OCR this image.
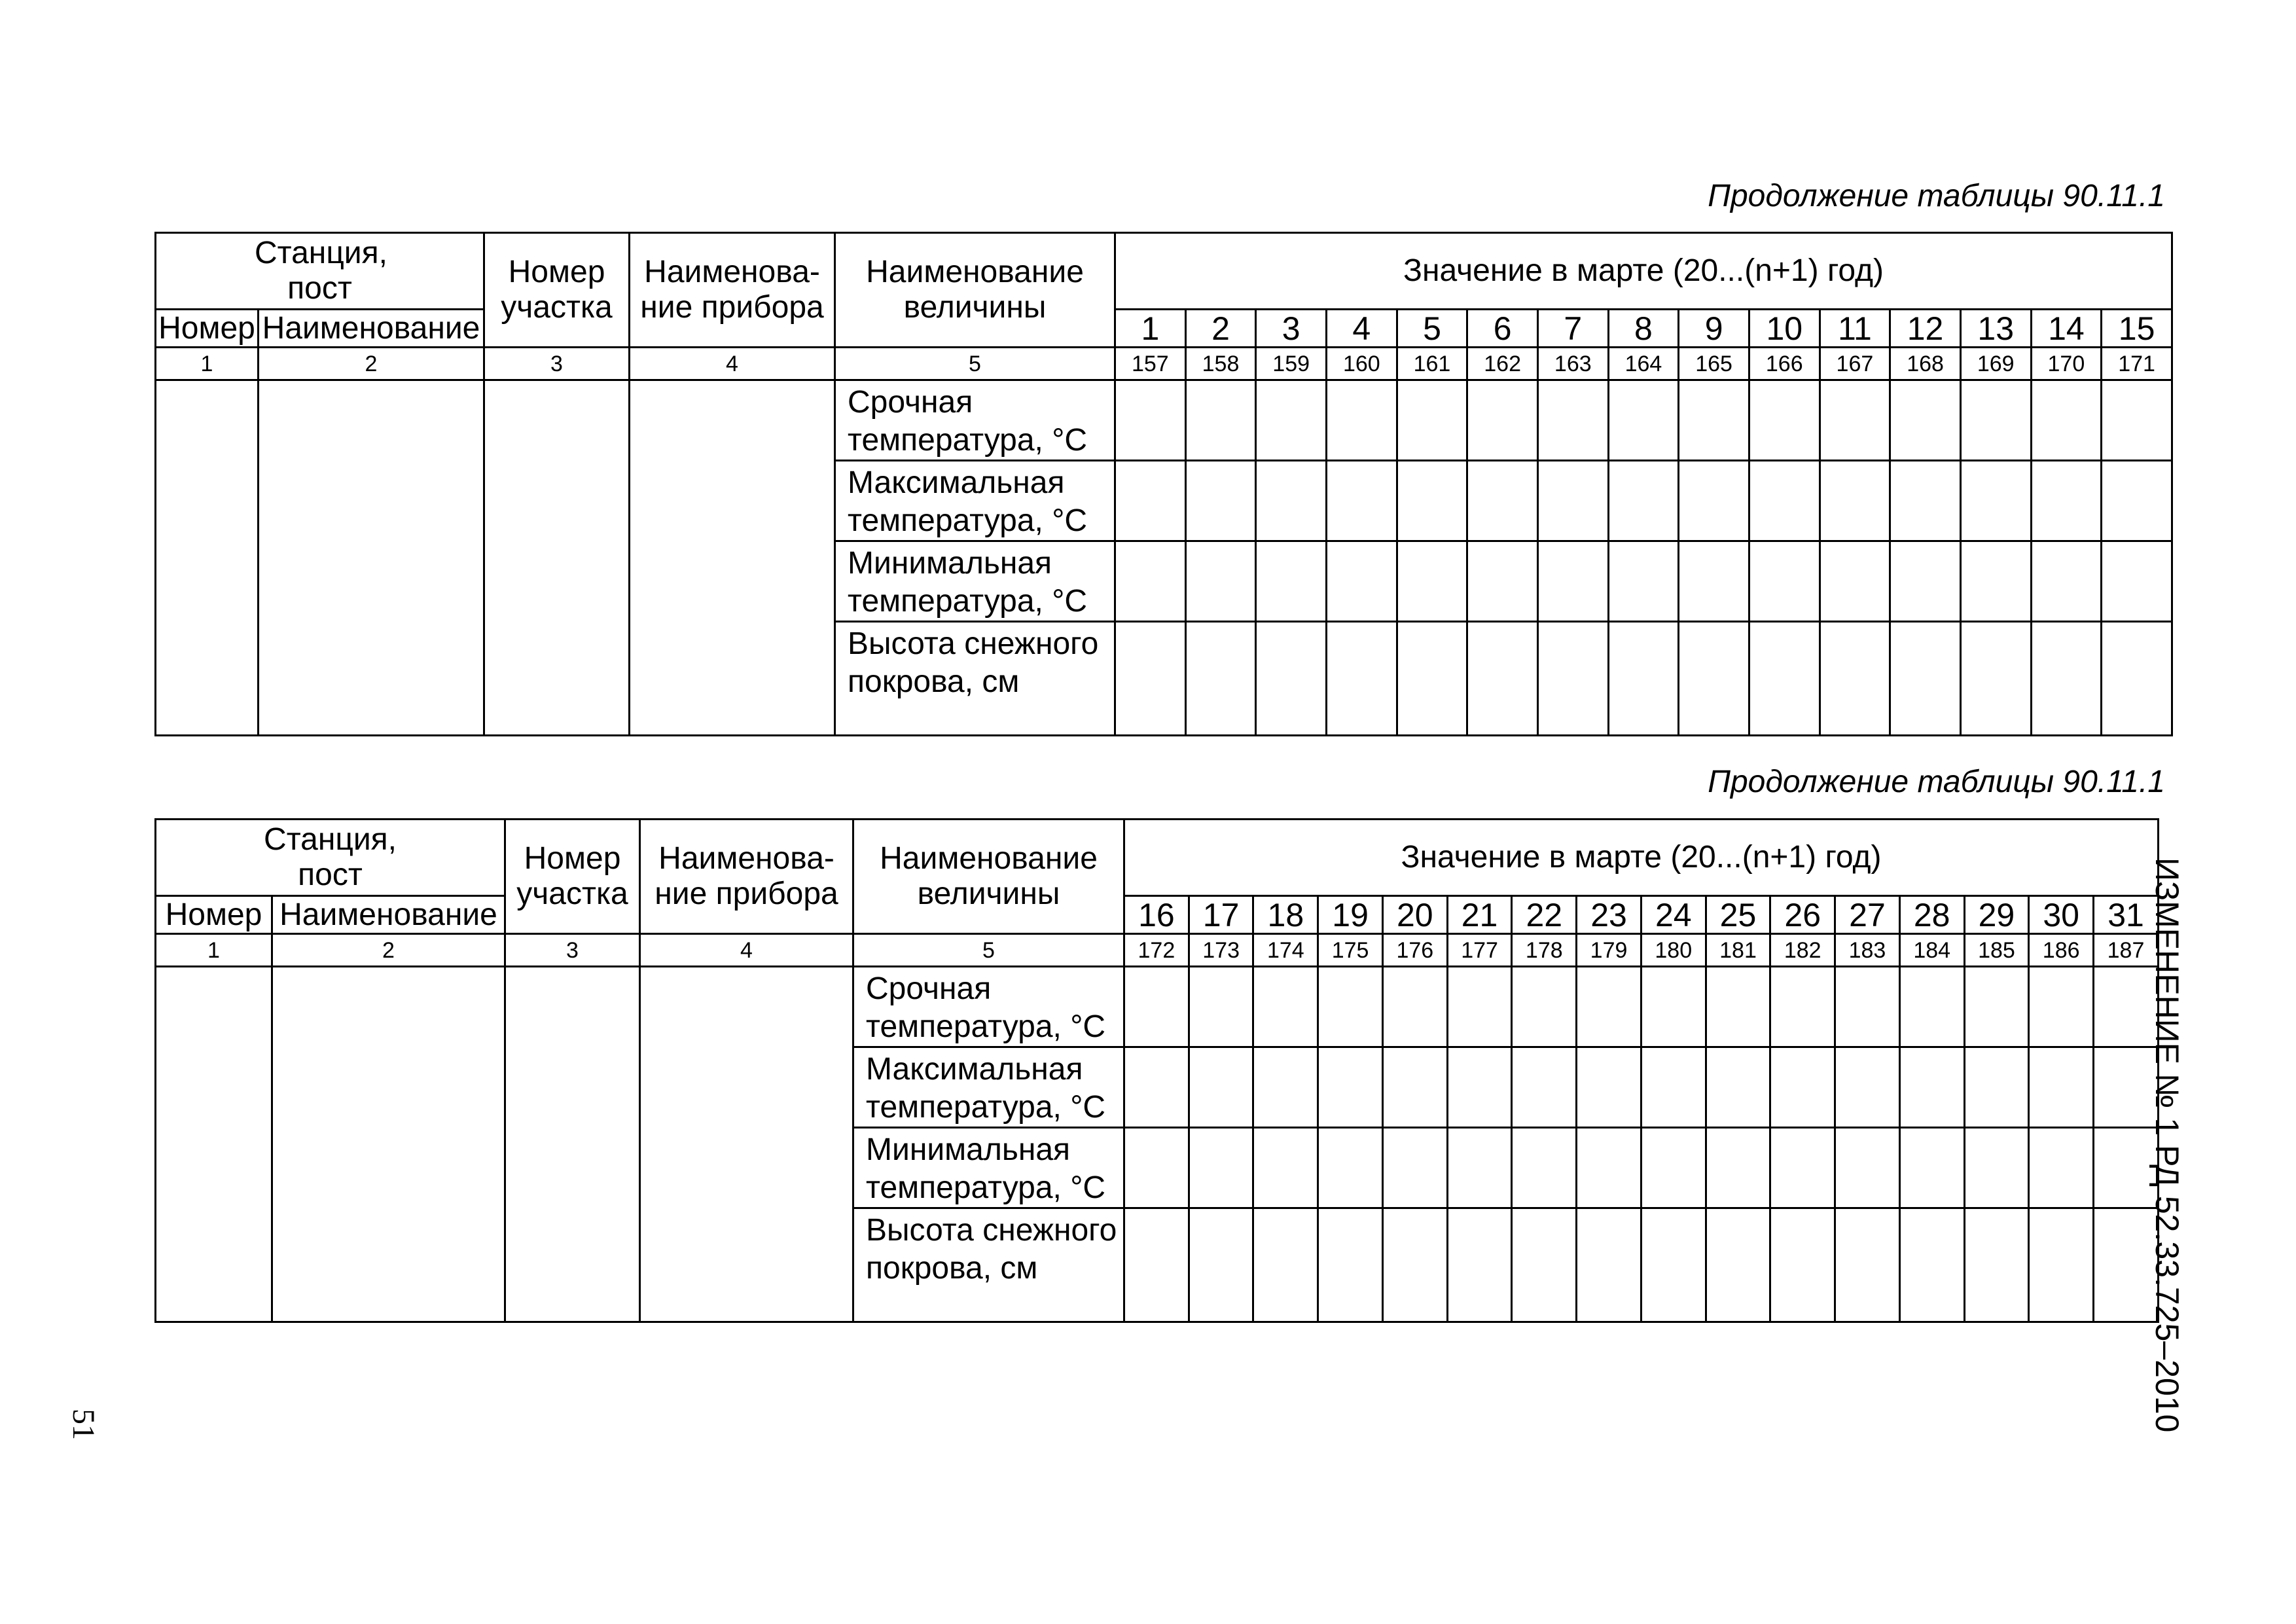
Продолжение таблицы 90.11.1
Станция, пост		Номер участка	Наименова-ние прибора	Наименование величины	Значение в марте (20...(n+1) год)														
Номер	Наименование				1	2	3	4	5	6	7	8	9	10	11	12	13	14	15
1	2	3	4	5	157	158	159	160	161	162	163	164	165	166	167	168	169	170	171
				Срочная температура, °С															
				Максимальная температура, °С															
				Минимальная температура, °С															
				Высота снежного покрова, см															
Продолжение таблицы 90.11.1
Станция, пост		Номер участка	Наименова-ние прибора	Наименование величины	Значение в марте (20...(n+1) год)															
Номер	Наименование				16	17	18	19	20	21	22	23	24	25	26	27	28	29	30	31
1	2	3	4	5	172	173	174	175	176	177	178	179	180	181	182	183	184	185	186	187
				Срочная температура, °С																
				Максимальная температура, °С																
				Минимальная температура, °С																
				Высота снежного покрова, см																	ИЗМЕНЕНИЕ № 1 РД 52.33.725–2010
51
